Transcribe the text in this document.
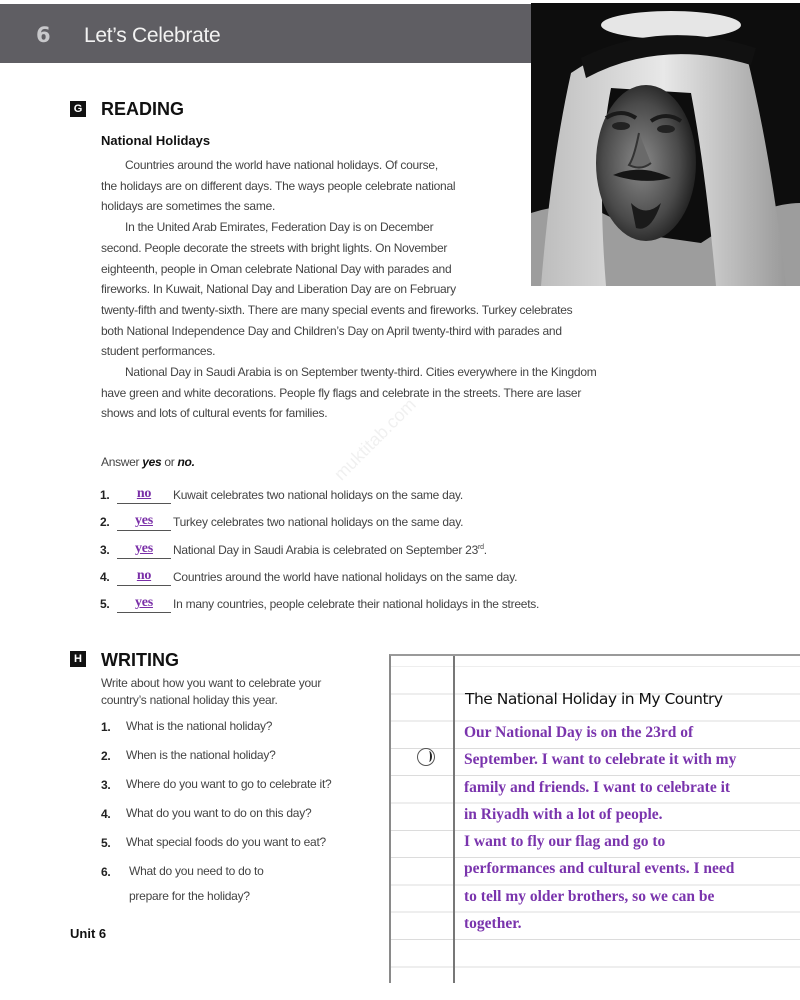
6 Let’s Celebrate
G READING
National Holidays
Countries around the world have national holidays. Of course,
the holidays are on different days. The ways people celebrate national
holidays are sometimes the same.
In the United Arab Emirates, Federation Day is on December
second. People decorate the streets with bright lights. On November
eighteenth, people in Oman celebrate National Day with parades and
fireworks. In Kuwait, National Day and Liberation Day are on February
twenty-fifth and twenty-sixth. There are many special events and fireworks. Turkey celebrates
both National Independence Day and Children’s Day on April twenty-third with parades and
student performances.
National Day in Saudi Arabia is on September twenty-third. Cities everywhere in the Kingdom
have green and white decorations. People fly flags and celebrate in the streets. There are laser
shows and lots of cultural events for families.
Answer yes or no.
1.	no	Kuwait celebrates two national holidays on the same day.
2.	yes	Turkey celebrates two national holidays on the same day.
3.	yes	National Day in Saudi Arabia is celebrated on September 23rd.
4.	no	Countries around the world have national holidays on the same day.
5.	yes	In many countries, people celebrate their national holidays in the streets.
muktitab.com
H WRITING
Write about how you want to celebrate your
country’s national holiday this year.
1. What is the national holiday?
2. When is the national holiday?
3. Where do you want to go to celebrate it?
4. What do you want to do on this day?
5. What special foods do you want to eat?
6. What do you need to do to
prepare for the holiday?
Unit 6
The National Holiday in My Country
Our National Day is on the 23rd of
September. I want to celebrate it with my
family and friends. I want to celebrate it
in Riyadh with a lot of people.
I want to fly our flag and go to
performances and cultural events. I need
to tell my older brothers, so we can be
together.
